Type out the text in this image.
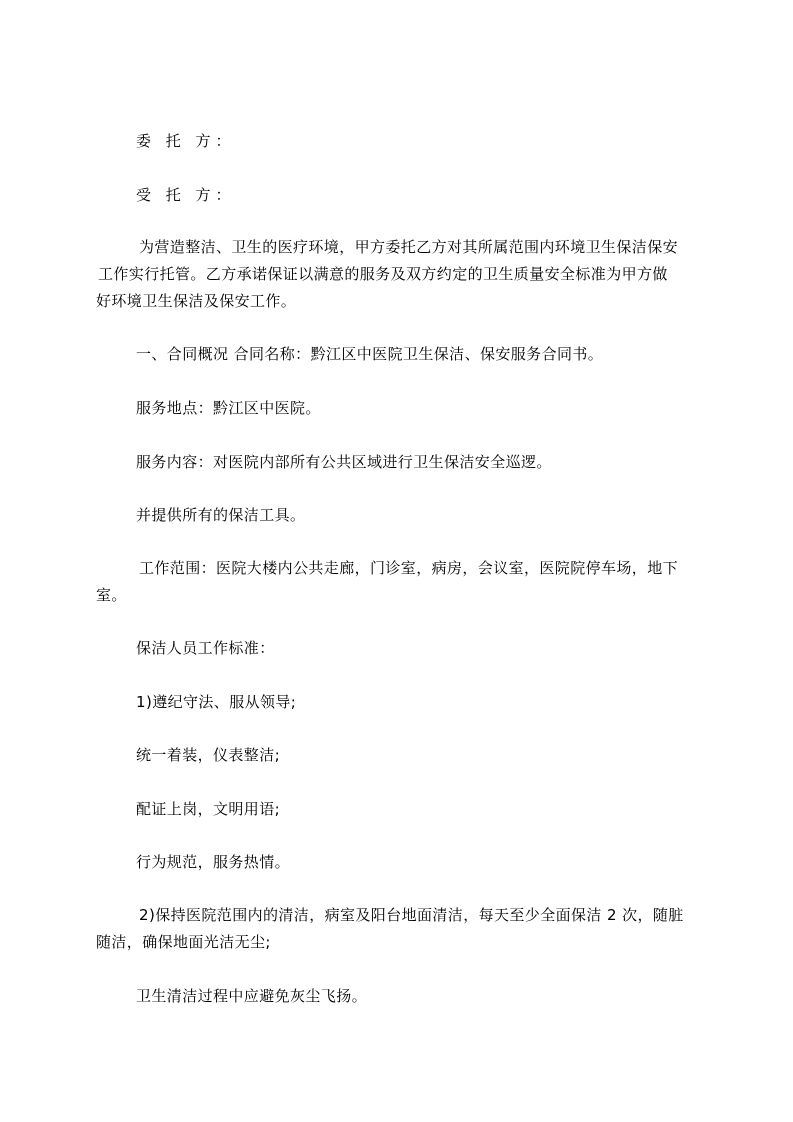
委 托 方：
受 托 方：
为营造整洁、卫生的医疗环境，甲方委托乙方对其所属范围内环境卫生保洁保安
工作实行托管。乙方承诺保证以满意的服务及双方约定的卫生质量安全标准为甲方做
好环境卫生保洁及保安工作。
一、合同概况 合同名称：黔江区中医院卫生保洁、保安服务合同书。
服务地点：黔江区中医院。
服务内容：对医院内部所有公共区域进行卫生保洁安全巡逻。
并提供所有的保洁工具。
工作范围：医院大楼内公共走廊，门诊室，病房，会议室，医院院停车场，地下
室。
保洁人员工作标准：
1)遵纪守法、服从领导;
统一着装，仪表整洁;
配证上岗，文明用语;
行为规范，服务热情。
2)保持医院范围内的清洁，病室及阳台地面清洁，每天至少全面保洁 2 次，随脏
随洁，确保地面光洁无尘;
卫生清洁过程中应避免灰尘飞扬。
